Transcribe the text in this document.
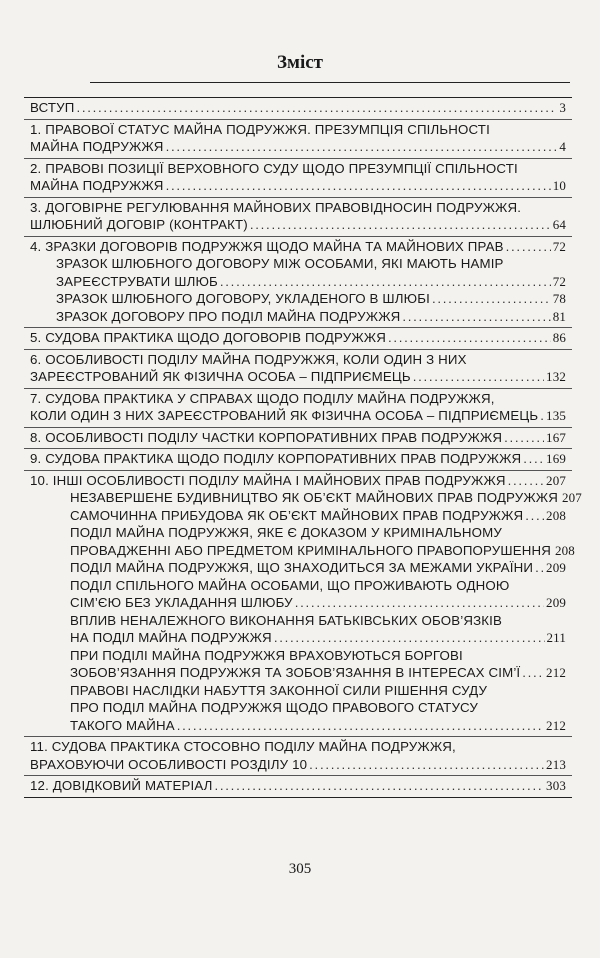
Зміст
ВСТУП . . .	3
1. ПРАВОВОЇ СТАТУС МАЙНА ПОДРУЖЖЯ. ПРЕЗУМПЦІЯ СПІЛЬНОСТІ
МАЙНА ПОДРУЖЖЯ . . .	4
2. ПРАВОВІ ПОЗИЦІЇ ВЕРХОВНОГО СУДУ ЩОДО ПРЕЗУМПЦІЇ СПІЛЬНОСТІ
МАЙНА ПОДРУЖЖЯ . . .	10
3. ДОГОВІРНЕ РЕГУЛЮВАННЯ МАЙНОВИХ ПРАВОВІДНОСИН ПОДРУЖЖЯ.
ШЛЮБНИЙ ДОГОВІР (КОНТРАКТ) . . .	64
4. ЗРАЗКИ ДОГОВОРІВ ПОДРУЖЖЯ ЩОДО МАЙНА ТА МАЙНОВИХ ПРАВ . . .	72
ЗРАЗОК ШЛЮБНОГО ДОГОВОРУ МІЖ ОСОБАМИ, ЯКІ МАЮТЬ НАМІР
ЗАРЕЄСТРУВАТИ ШЛЮБ . . .	72
ЗРАЗОК ШЛЮБНОГО ДОГОВОРУ, УКЛАДЕНОГО В ШЛЮБІ . . .	78
ЗРАЗОК ДОГОВОРУ ПРО ПОДІЛ МАЙНА ПОДРУЖЖЯ . . .	81
5. СУДОВА ПРАКТИКА ЩОДО ДОГОВОРІВ ПОДРУЖЖЯ . . .	86
6. ОСОБЛИВОСТІ ПОДІЛУ МАЙНА ПОДРУЖЖЯ, КОЛИ ОДИН З НИХ
ЗАРЕЄСТРОВАНИЙ ЯК ФІЗИЧНА ОСОБА – ПІДПРИЄМЕЦЬ . . .	132
7. СУДОВА ПРАКТИКА У СПРАВАХ ЩОДО ПОДІЛУ МАЙНА ПОДРУЖЖЯ,
КОЛИ ОДИН З НИХ ЗАРЕЄСТРОВАНИЙ ЯК ФІЗИЧНА ОСОБА – ПІДПРИЄМЕЦЬ . . . 135
8. ОСОБЛИВОСТІ ПОДІЛУ ЧАСТКИ КОРПОРАТИВНИХ ПРАВ ПОДРУЖЖЯ . . .	167
9. СУДОВА ПРАКТИКА ЩОДО ПОДІЛУ КОРПОРАТИВНИХ ПРАВ ПОДРУЖЖЯ . . . 169
10. ІНШІ ОСОБЛИВОСТІ ПОДІЛУ МАЙНА І МАЙНОВИХ ПРАВ ПОДРУЖЖЯ . . .	207
НЕЗАВЕРШЕНЕ БУДИВНИЦТВО ЯК ОБ’ЄКТ МАЙНОВИХ ПРАВ ПОДРУЖЖЯ 207
САМОЧИННА ПРИБУДОВА ЯК ОБ’ЄКТ МАЙНОВИХ ПРАВ ПОДРУЖЖЯ . . . 208
ПОДІЛ МАЙНА ПОДРУЖЖЯ, ЯКЕ Є ДОКАЗОМ У КРИМІНАЛЬНОМУ
ПРОВАДЖЕННІ АБО ПРЕДМЕТОМ КРИМІНАЛЬНОГО ПРАВОПОРУШЕННЯ 208
ПОДІЛ МАЙНА ПОДРУЖЖЯ, ЩО ЗНАХОДИТЬСЯ ЗА МЕЖАМИ УКРАЇНИ . . . 209
ПОДІЛ СПІЛЬНОГО МАЙНА ОСОБАМИ, ЩО ПРОЖИВАЮТЬ ОДНОЮ
СІМ’ЄЮ БЕЗ УКЛАДАННЯ ШЛЮБУ . . .	209
ВПЛИВ НЕНАЛЕЖНОГО ВИКОНАННЯ БАТЬКІВСЬКИХ ОБОВ’ЯЗКІВ
НА ПОДІЛ МАЙНА ПОДРУЖЖЯ . . .	211
ПРИ ПОДІЛІ МАЙНА ПОДРУЖЖЯ ВРАХОВУЮТЬСЯ БОРГОВІ
ЗОБОВ’ЯЗАННЯ ПОДРУЖЖЯ ТА ЗОБОВ’ЯЗАННЯ В ІНТЕРЕСАХ СІМ’Ї . . . 212
ПРАВОВІ НАСЛІДКИ НАБУТТЯ ЗАКОННОЇ СИЛИ РІШЕННЯ СУДУ
ПРО ПОДІЛ МАЙНА ПОДРУЖЖЯ ЩОДО ПРАВОВОГО СТАТУСУ
ТАКОГО МАЙНА . . .	212
11. СУДОВА ПРАКТИКА СТОСОВНО ПОДІЛУ МАЙНА ПОДРУЖЖЯ,
ВРАХОВУЮЧИ ОСОБЛИВОСТІ РОЗДІЛУ 10 . . .	213
12. ДОВІДКОВИЙ МАТЕРІАЛ . . .	303
305
